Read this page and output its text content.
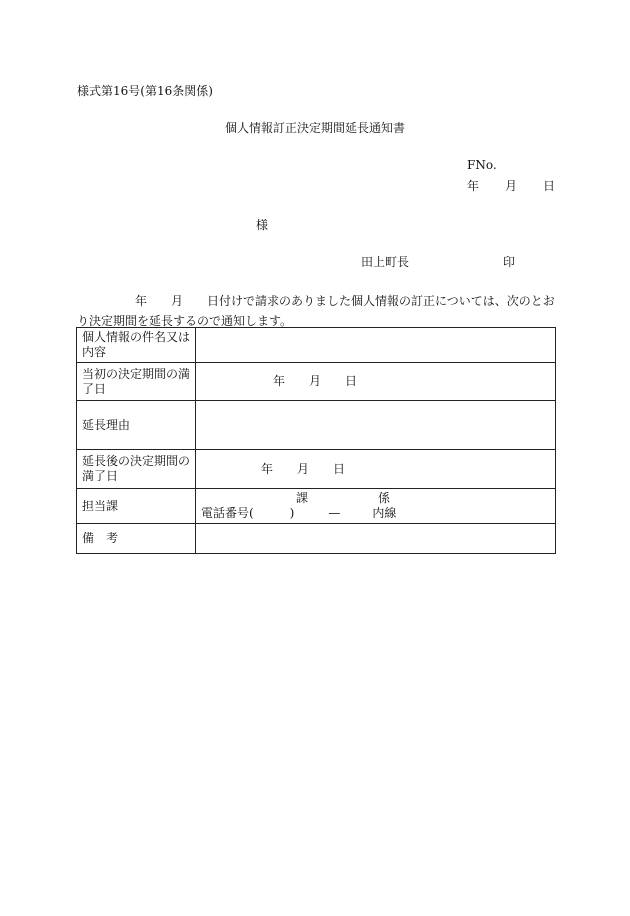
様式第16号(第16条関係)
個人情報訂正決定期間延長通知書
FNo.
年 月 日
様
田上町長	印
年　　月　　日付けで請求のありました個人情報の訂正については、次のとお
り決定期間を延長するので通知します。
個人情報の件名又は内容	
当初の決定期間の満了日	年 月 日
延長理由	
延長後の決定期間の満了日	年 月 日
担当課	課 係
電話番号(　　　) — 内線

備　考	
